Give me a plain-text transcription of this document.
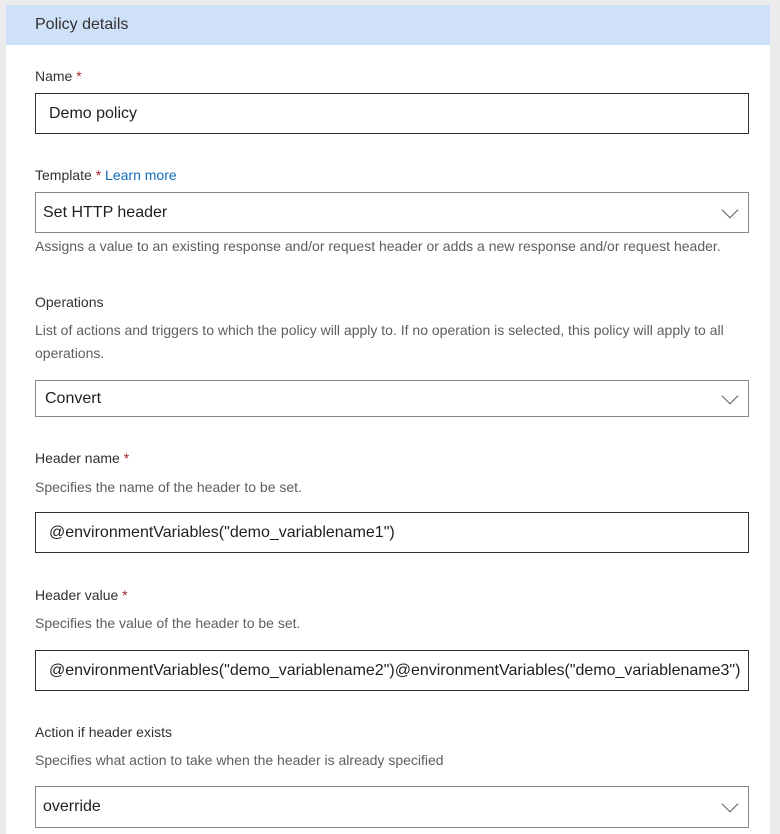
Policy details
Name *
Demo policy
Template * Learn more
Set HTTP header
Assigns a value to an existing response and/or request header or adds a new response and/or request header.
Operations
List of actions and triggers to which the policy will apply to. If no operation is selected, this policy will apply to all operations.
Convert
Header name *
Specifies the name of the header to be set.
@environmentVariables("demo_variablename1")
Header value *
Specifies the value of the header to be set.
@environmentVariables("demo_variablename2")@environmentVariables("demo_variablename3")
Action if header exists
Specifies what action to take when the header is already specified
override
